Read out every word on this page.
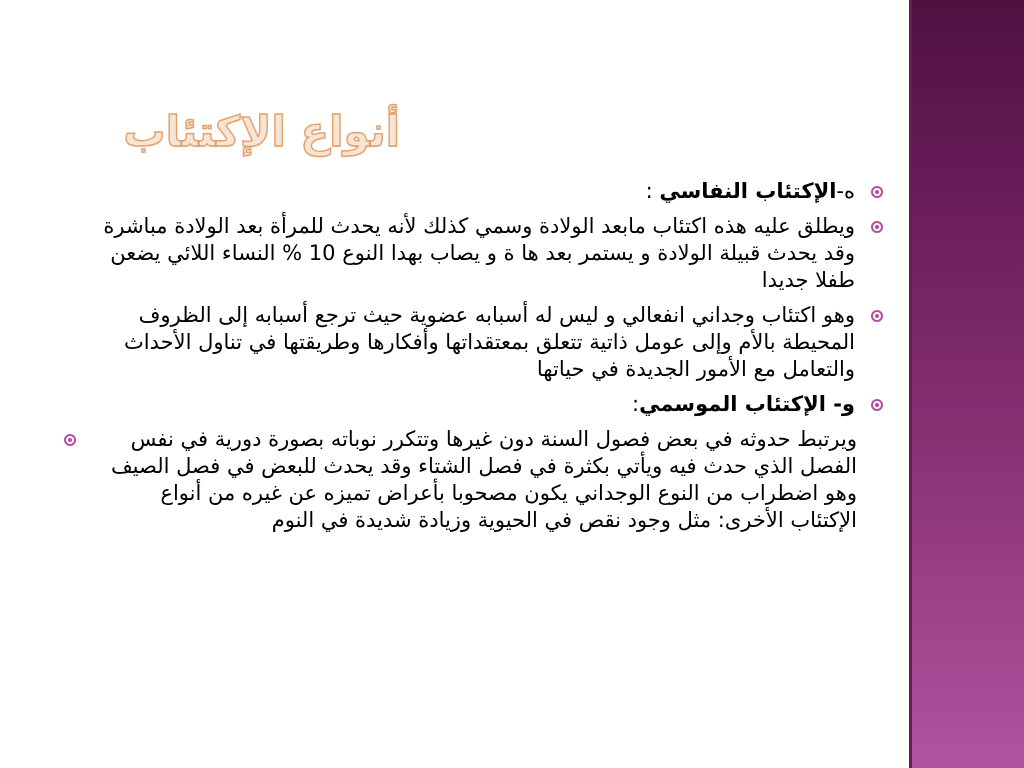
أنواع الإكتئاب
ه-الإكتئاب النفاسي :
ويطلق عليه هذه اكتئاب مابعد الولادة وسمي كذلك لأنه يحدث للمرأة بعد الولادة مباشرة وقد يحدث قبيلة الولادة و يستمر بعد ها ة و يصاب بهدا النوع 10 % النساء اللائي يضعن طفلا جديدا
وهو اكتئاب وجداني انفعالي و ليس له أسبابه عضوية حيث ترجع أسبابه إلى الظروف المحيطة بالأم وإلى عومل ذاتية تتعلق بمعتقداتها وأفكارها وطريقتها في تناول الأحداث والتعامل مع الأمور الجديدة في حياتها
و- الإكتئاب الموسمي:
ويرتبط حدوثه في بعض فصول السنة دون غيرها وتتكرر نوباته بصورة دورية في نفس الفصل الذي حدث فيه ويأتي بكثرة في فصل الشتاء وقد يحدث للبعض في فصل الصيف وهو اضطراب من النوع الوجداني يكون مصحوبا بأعراض تميزه عن غيره من أنواع الإكتئاب الأخرى: مثل وجود نقص في الحيوية وزيادة شديدة في النوم
